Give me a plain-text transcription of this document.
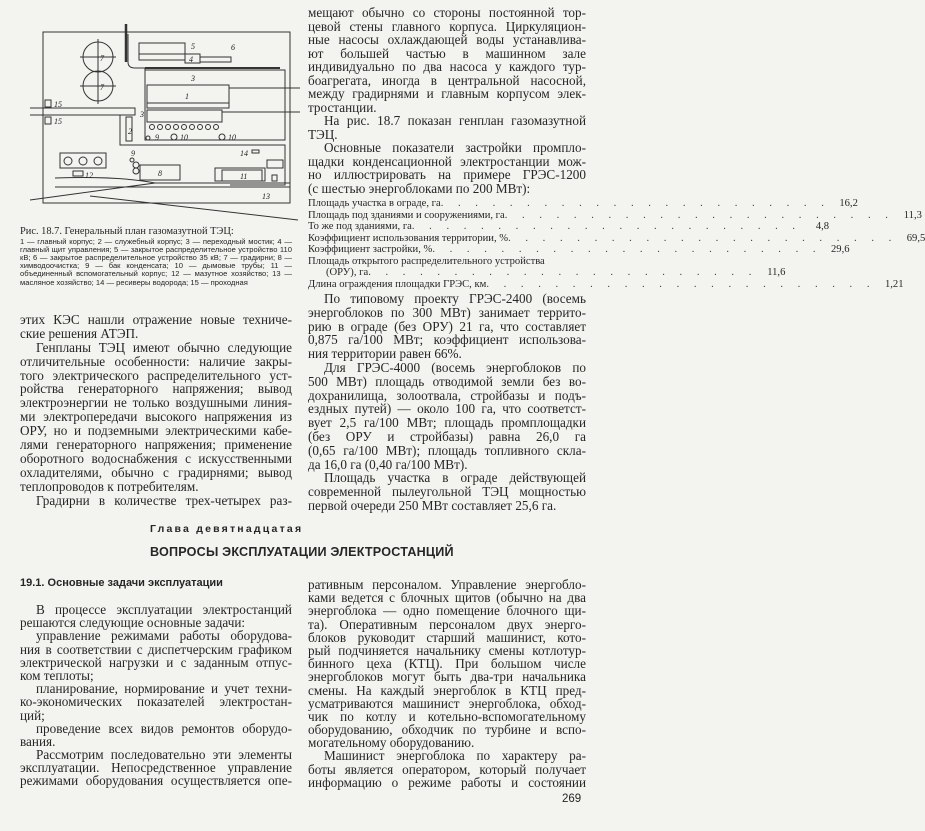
1
2
3
3
4
5	6
7
7
8
9
9
10	10
11
12
13
14
15
15
Рис. 18.7. Генеральный план газомазутной ТЭЦ:
1 — главный корпус; 2 — служебный корпус; 3 — переходный мостик; 4 — главный щит управления; 5 — закрытое распределительное устройство 110 кВ; 6 — закрытое распределительное устройство 35 кВ; 7 — градирни; 8 — химводоочистка; 9 — бак конденсата; 10 — дымовые трубы; 11 — объединенный вспомогательный корпус; 12 — мазутное хозяйство; 13 — масляное хозяйство; 14 — ресиверы водорода; 15 — проходная
этих КЭС нашли отражение новые техниче-
ские решения АТЭП.
Генпланы ТЭЦ имеют обычно следующие
отличительные особенности: наличие закры-
того электрического распределительного уст-
ройства генераторного напряжения; вывод
электроэнергии не только воздушными линия-
ми электропередачи высокого напряжения из
ОРУ, но и подземными электрическими кабе-
лями генераторного напряжения; применение
оборотного водоснабжения с искусственными
охладителями, обычно с градирнями; вывод
теплопроводов к потребителям.
Градирни в количестве трех-четырех раз-
мещают обычно со стороны постоянной тор-
цевой стены главного корпуса. Циркуляцион-
ные насосы охлаждающей воды устанавлива-
ют большей частью в машинном зале
индивидуально по два насоса у каждого тур-
боагрегата, иногда в центральной насосной,
между градирнями и главным корпусом элек-
тростанции.
На рис. 18.7 показан генплан газомазутной
ТЭЦ.
Основные показатели застройки промпло-
щадки конденсационной электростанции мож-
но иллюстрировать на примере ГРЭС-1200
(с шестью энергоблоками по 200 МВт):
Площадь участка в ограде, га . . . . . . . . . . . . . . . . . . . . . . . 16,2
Площадь под зданиями и сооружениями, га . . . . . . . . . . . . . . . . . . . . . . . 11,3
То же под зданиями, га . . . . . . . . . . . . . . . . . . . . . . .	4,8
Коэффициент использования территории, % . . . . . . . . . . . . . . . . . . . . . . . 69,5
Коэффициент застройки, % . . . . . . . . . . . . . . . . . . . . . . . 29,6
Площадь открытого распределительного устройства
(ОРУ), га . . . . . . . . . . . . . . . . . . . . . . . 11,6
Длина ограждения площадки ГРЭС, км . . . . . . . . . . . . . . . . . . . . . . . 1,21
По типовому проекту ГРЭС-2400 (восемь
энергоблоков по 300 МВт) занимает террито-
рию в ограде (без ОРУ) 21 га, что составляет
0,875 га/100 МВт; коэффициент использова-
ния территории равен 66%.
Для ГРЭС-4000 (восемь энергоблоков по
500 МВт) площадь отводимой земли без во-
дохранилища, золоотвала, стройбазы и подъ-
ездных путей) — около 100 га, что соответст-
вует 2,5 га/100 МВт; площадь промплощадки
(без ОРУ и стройбазы) равна 26,0 га
(0,65 га/100 МВт); площадь топливного скла-
да 16,0 га (0,40 га/100 МВт).
Площадь участка в ограде действующей
современной пылеугольной ТЭЦ мощностью
первой очереди 250 МВт составляет 25,6 га.
Глава девятнадцатая
ВОПРОСЫ ЭКСПЛУАТАЦИИ ЭЛЕКТРОСТАНЦИЙ
19.1. Основные задачи эксплуатации
В процессе эксплуатации электростанций
решаются следующие основные задачи:
управление режимами работы оборудова-
ния в соответствии с диспетчерским графиком
электрической нагрузки и с заданным отпус-
ком теплоты;
планирование, нормирование и учет техни-
ко-экономических показателей электростан-
ций;
проведение всех видов ремонтов оборудо-
вания.
Рассмотрим последовательно эти элементы
эксплуатации. Непосредственное управление
режимами оборудования осуществляется опе-
ративным персоналом. Управление энергобло-
ками ведется с блочных щитов (обычно на два
энергоблока — одно помещение блочного щи-
та). Оперативным персоналом двух энерго-
блоков руководит старший машинист, кото-
рый подчиняется начальнику смены котлотур-
бинного цеха (КТЦ). При большом числе
энергоблоков могут быть два-три начальника
смены. На каждый энергоблок в КТЦ пред-
усматриваются машинист энергоблока, обход-
чик по котлу и котельно-вспомогательному
оборудованию, обходчик по турбине и вспо-
могательному оборудованию.
Машинист энергоблока по характеру ра-
боты является оператором, который получает
информацию о режиме работы и состоянии
269
